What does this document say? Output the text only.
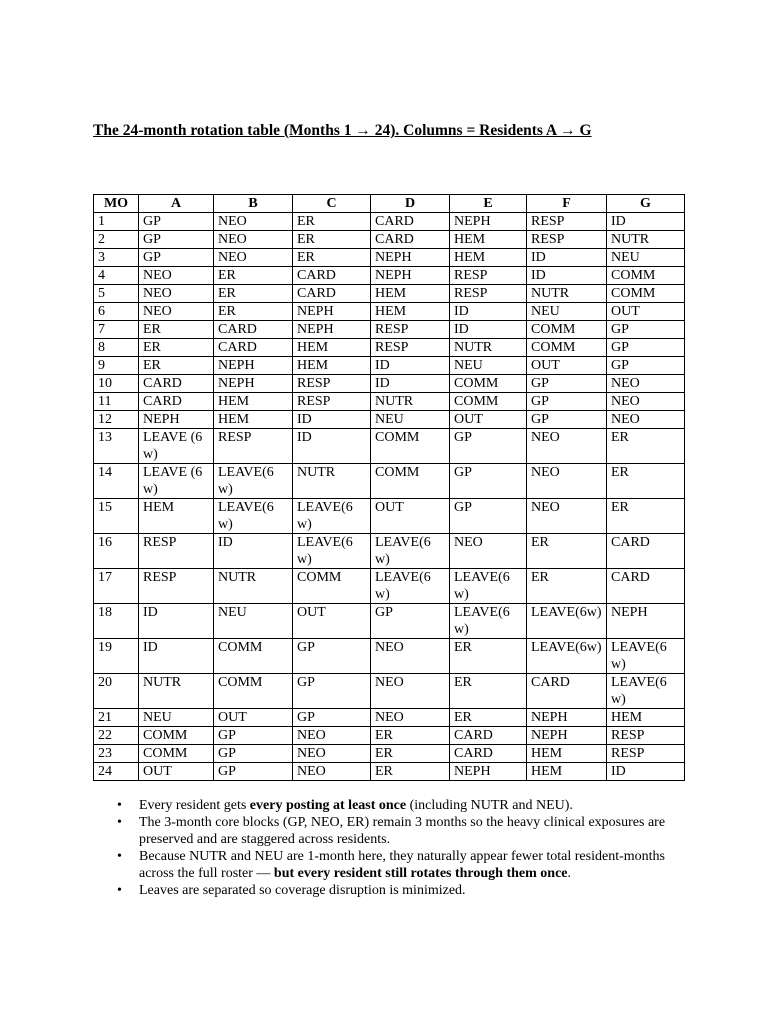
The 24-month rotation table (Months 1 → 24). Columns = Residents A → G
MO	A	B	C	D	E	F	G
1	GP	NEO	ER	CARD	NEPH	RESP	ID
2	GP	NEO	ER	CARD	HEM	RESP	NUTR
3	GP	NEO	ER	NEPH	HEM	ID	NEU
4	NEO	ER	CARD	NEPH	RESP	ID	COMM
5	NEO	ER	CARD	HEM	RESP	NUTR	COMM
6	NEO	ER	NEPH	HEM	ID	NEU	OUT
7	ER	CARD	NEPH	RESP	ID	COMM	GP
8	ER	CARD	HEM	RESP	NUTR	COMM	GP
9	ER	NEPH	HEM	ID	NEU	OUT	GP
10	CARD	NEPH	RESP	ID	COMM	GP	NEO
11	CARD	HEM	RESP	NUTR	COMM	GP	NEO
12	NEPH	HEM	ID	NEU	OUT	GP	NEO
13	LEAVE (6w)	RESP	ID	COMM	GP	NEO	ER
14	LEAVE (6w)	LEAVE(6w)	NUTR	COMM	GP	NEO	ER
15	HEM	LEAVE(6w)	LEAVE(6w)	OUT	GP	NEO	ER
16	RESP	ID	LEAVE(6w)	LEAVE(6w)	NEO	ER	CARD
17	RESP	NUTR	COMM	LEAVE(6w)	LEAVE(6w)	ER	CARD
18	ID	NEU	OUT	GP	LEAVE(6w)	LEAVE(6w)	NEPH
19	ID	COMM	GP	NEO	ER	LEAVE(6w)	LEAVE(6w)
20	NUTR	COMM	GP	NEO	ER	CARD	LEAVE(6w)
21	NEU	OUT	GP	NEO	ER	NEPH	HEM
22	COMM	GP	NEO	ER	CARD	NEPH	RESP
23	COMM	GP	NEO	ER	CARD	HEM	RESP
24	OUT	GP	NEO	ER	NEPH	HEM	ID
• Every resident gets every posting at least once (including NUTR and NEU).
• The 3-month core blocks (GP, NEO, ER) remain 3 months so the heavy clinical exposures are preserved and are staggered across residents.
• Because NUTR and NEU are 1-month here, they naturally appear fewer total resident-months across the full roster — but every resident still rotates through them once.
• Leaves are separated so coverage disruption is minimized.
